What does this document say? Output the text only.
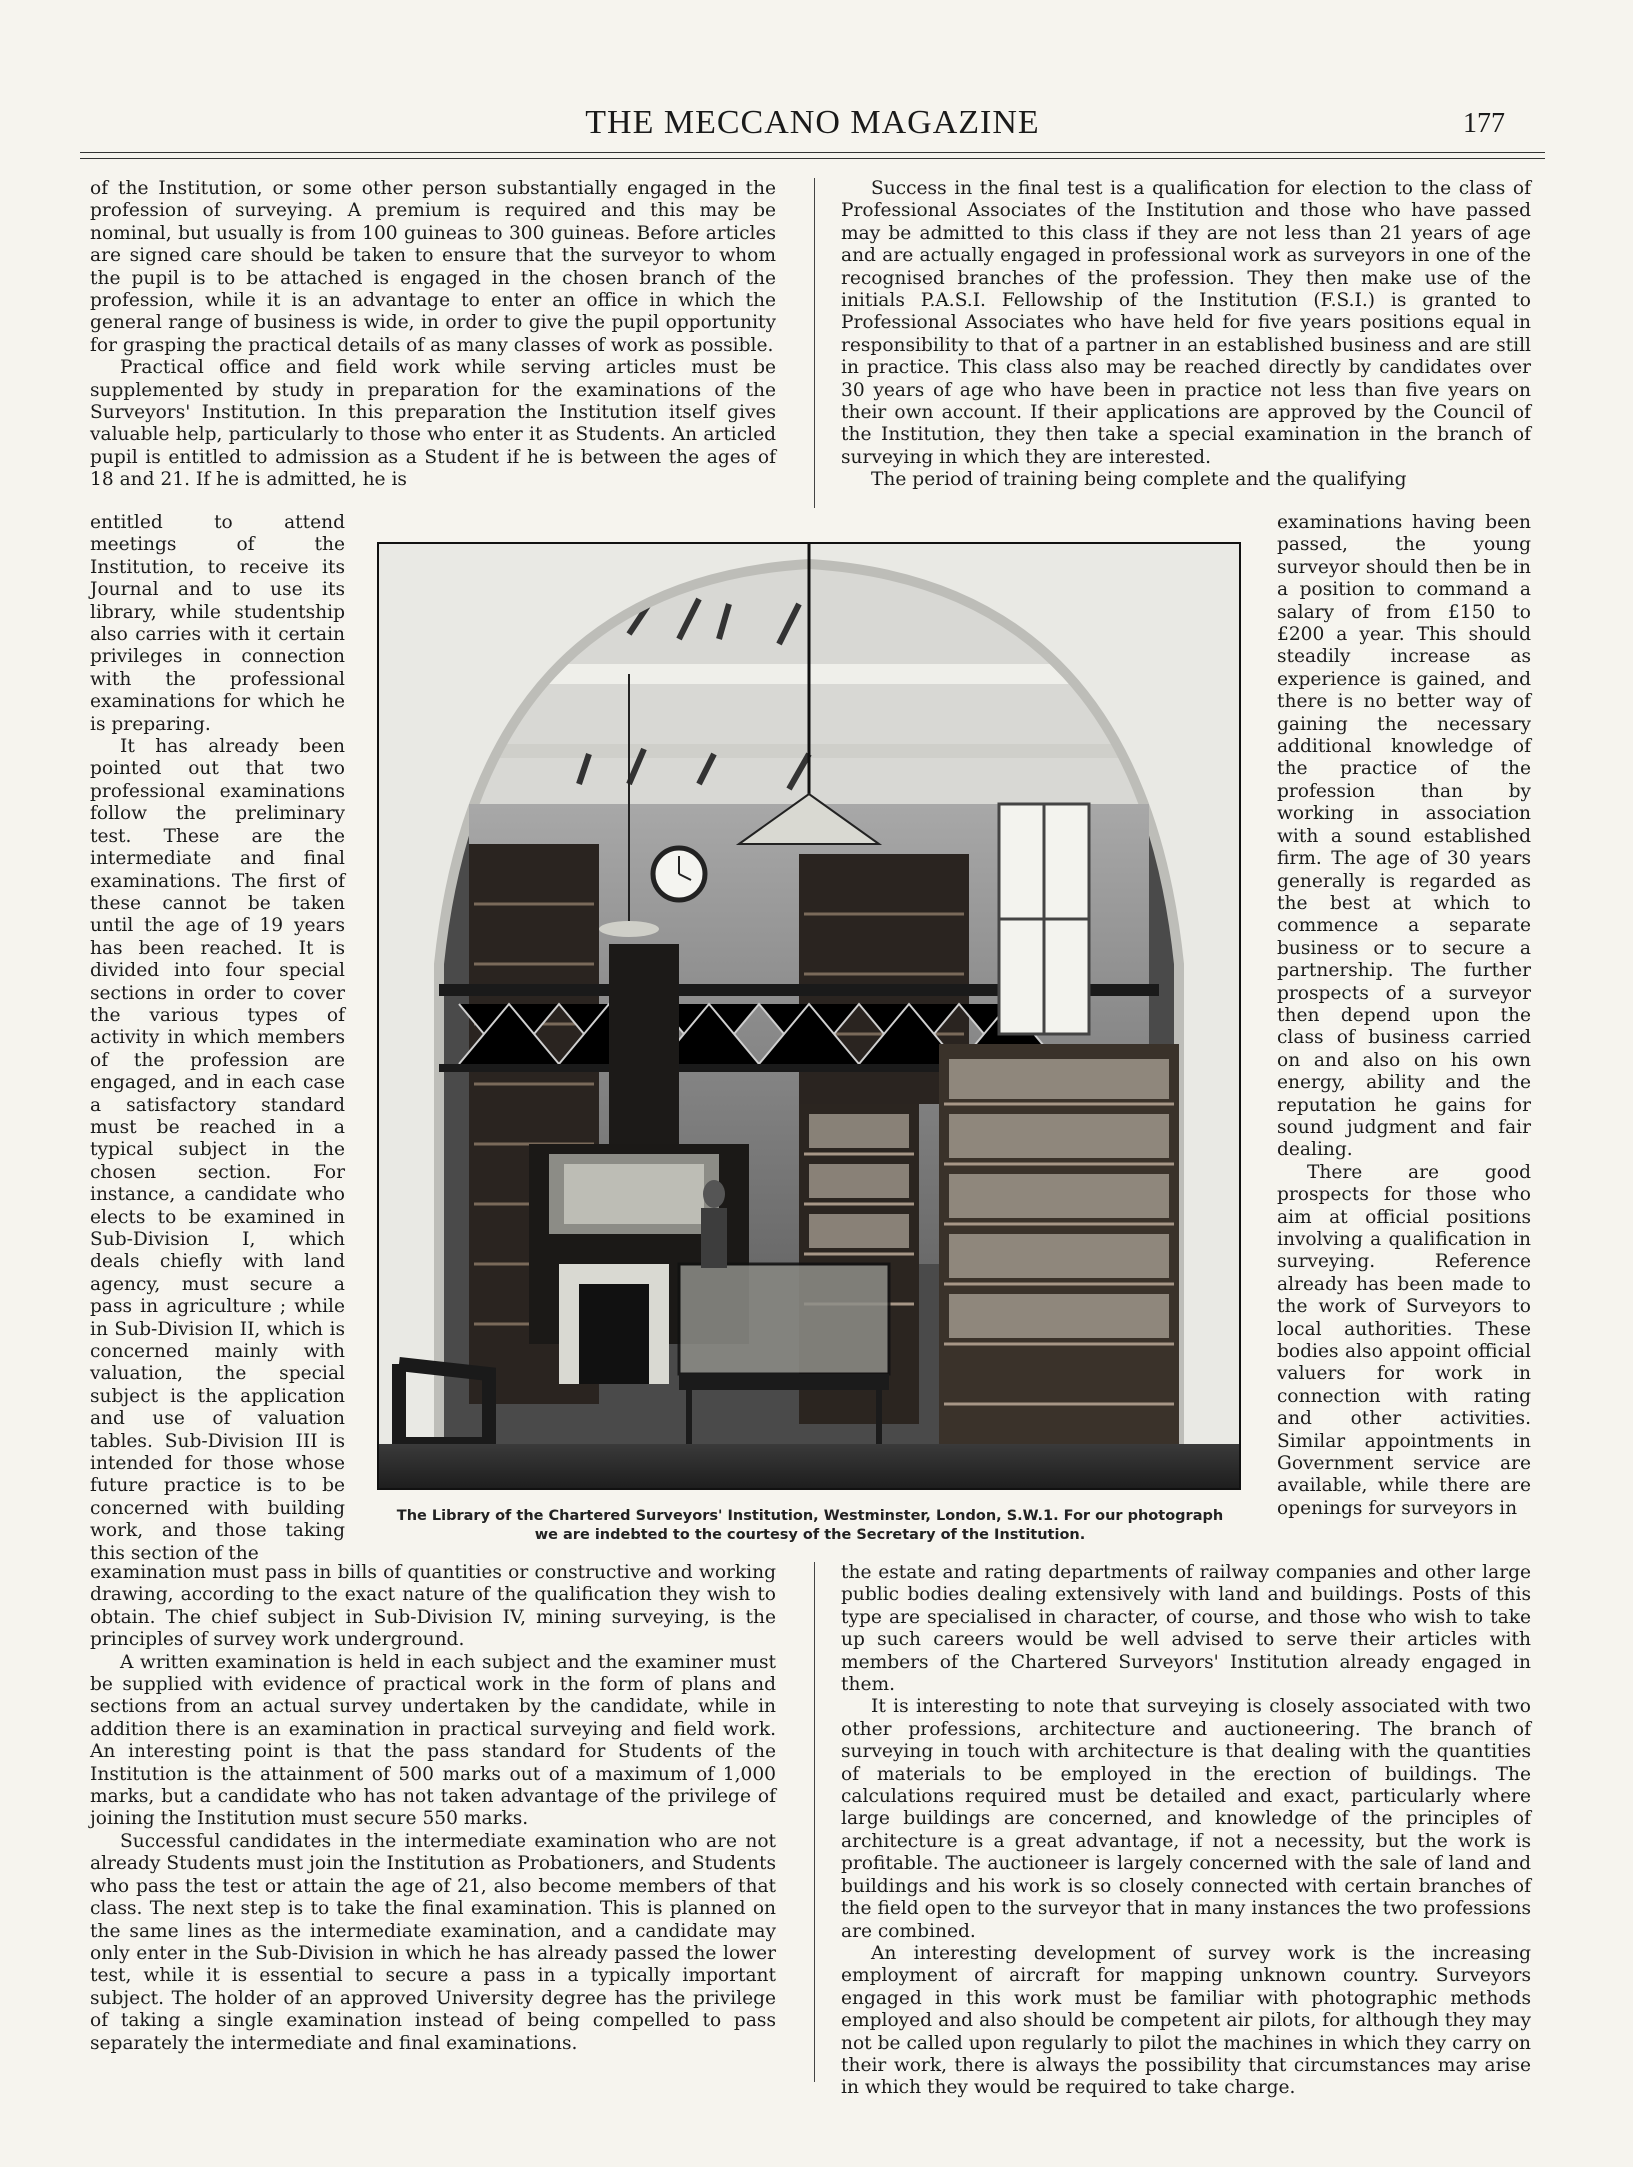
THE MECCANO MAGAZINE	177

of the Institution, or some other person substantially engaged in the profession of surveying. A premium is required and this may be nominal, but usually is from 100 guineas to 300 guineas. Before articles are signed care should be taken to ensure that the surveyor to whom the pupil is to be attached is engaged in the chosen branch of the profession, while it is an advantage to enter an office in which the general range of business is wide, in order to give the pupil opportunity for grasping the practical details of as many classes of work as possible.

Practical office and field work while serving articles must be supplemented by study in preparation for the examinations of the Surveyors' Institution. In this preparation the Institution itself gives valuable help, particularly to those who enter it as Students. An articled pupil is entitled to admission as a Student if he is between the ages of 18 and 21. If he is admitted, he is

entitled to attend meetings of the Institution, to receive its Journal and to use its library, while studentship also carries with it certain privileges in connection with the professional examinations for which he is preparing.

It has already been pointed out that two professional examinations follow the preliminary test. These are the intermediate and final examinations. The first of these cannot be taken until the age of 19 years has been reached. It is divided into four special sections in order to cover the various types of activity in which members of the profession are engaged, and in each case a satisfactory standard must be reached in a typical subject in the chosen section. For instance, a candidate who elects to be examined in Sub-Division I, which deals chiefly with land agency, must secure a pass in agriculture ; while in Sub-Division II, which is concerned mainly with valuation, the special subject is the application and use of valuation tables. Sub-Division III is intended for those whose future practice is to be concerned with building work, and those taking this section of the

examination must pass in bills of quantities or constructive and working drawing, according to the exact nature of the qualification they wish to obtain. The chief subject in Sub-Division IV, mining surveying, is the principles of survey work underground.

A written examination is held in each subject and the examiner must be supplied with evidence of practical work in the form of plans and sections from an actual survey undertaken by the candidate, while in addition there is an examination in practical surveying and field work. An interesting point is that the pass standard for Students of the Institution is the attainment of 500 marks out of a maximum of 1,000 marks, but a candidate who has not taken advantage of the privilege of joining the Institution must secure 550 marks.

Successful candidates in the intermediate examination who are not already Students must join the Institution as Probationers, and Students who pass the test or attain the age of 21, also become members of that class. The next step is to take the final examination. This is planned on the same lines as the intermediate examination, and a candidate may only enter in the Sub-Division in which he has already passed the lower test, while it is essential to secure a pass in a typically important subject. The holder of an approved University degree has the privilege of taking a single examination instead of being compelled to pass separately the intermediate and final examinations.

Success in the final test is a qualification for election to the class of Professional Associates of the Institution and those who have passed may be admitted to this class if they are not less than 21 years of age and are actually engaged in professional work as surveyors in one of the recognised branches of the profession. They then make use of the initials P.A.S.I. Fellowship of the Institution (F.S.I.) is granted to Professional Associates who have held for five years positions equal in responsibility to that of a partner in an established business and are still in practice. This class also may be reached directly by candidates over 30 years of age who have been in practice not less than five years on their own account. If their applications are approved by the Council of the Institution, they then take a special examination in the branch of surveying in which they are interested.

The period of training being complete and the qualifying

examinations having been passed, the young surveyor should then be in a position to command a salary of from £150 to £200 a year. This should steadily increase as experience is gained, and there is no better way of gaining the necessary additional knowledge of the practice of the profession than by working in association with a sound established firm. The age of 30 years generally is regarded as the best at which to commence a separate business or to secure a partnership. The further prospects of a surveyor then depend upon the class of business carried on and also on his own energy, ability and the reputation he gains for sound judgment and fair dealing.

There are good prospects for those who aim at official positions involving a qualification in surveying. Reference already has been made to the work of Surveyors to local authorities. These bodies also appoint official valuers for work in connection with rating and other activities. Similar appointments in Government service are available, while there are openings for surveyors in

the estate and rating departments of railway companies and other large public bodies dealing extensively with land and buildings. Posts of this type are specialised in character, of course, and those who wish to take up such careers would be well advised to serve their articles with members of the Chartered Surveyors' Institution already engaged in them.

It is interesting to note that surveying is closely associated with two other professions, architecture and auctioneering. The branch of surveying in touch with architecture is that dealing with the quantities of materials to be employed in the erection of buildings. The calculations required must be detailed and exact, particularly where large buildings are concerned, and knowledge of the principles of architecture is a great advantage, if not a necessity, but the work is profitable. The auctioneer is largely concerned with the sale of land and buildings and his work is so closely connected with certain branches of the field open to the surveyor that in many instances the two professions are combined.

An interesting development of survey work is the increasing employment of aircraft for mapping unknown country. Surveyors engaged in this work must be familiar with photographic methods employed and also should be competent air pilots, for although they may not be called upon regularly to pilot the machines in which they carry on their work, there is always the possibility that circumstances may arise in which they would be required to take charge.

The Library of the Chartered Surveyors' Institution, Westminster, London, S.W.1. For our photograph
we are indebted to the courtesy of the Secretary of the Institution.
